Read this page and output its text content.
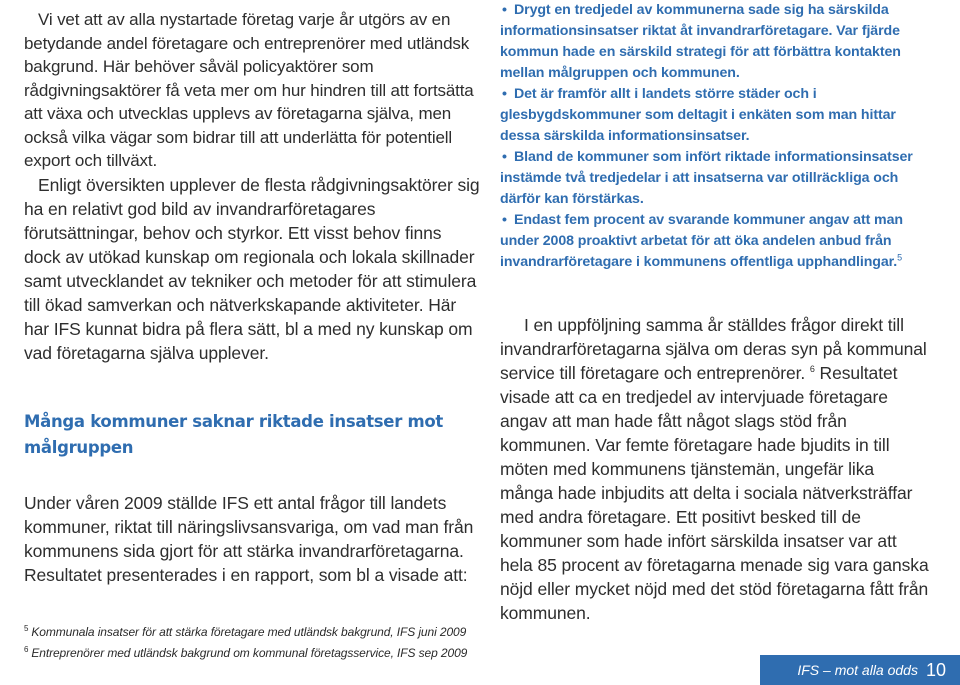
Vi vet att av alla nystartade företag varje år utgörs av en betydande andel företagare och entreprenörer med utländsk bakgrund. Här behöver såväl policyaktörer som rådgivningsaktörer få veta mer om hur hindren till att fortsätta att växa och utvecklas upplevs av företagarna själva, men också vilka vägar som bidrar till att underlätta för potentiell export och tillväxt.

Enligt översikten upplever de flesta rådgivningsaktörer sig ha en relativt god bild av invandrarföretagares förutsättningar, behov och styrkor. Ett visst behov finns dock av utökad kunskap om regionala och lokala skillnader samt utvecklandet av tekniker och metoder för att stimulera till ökad samverkan och nätverkskapande aktiviteter. Här har IFS kunnat bidra på flera sätt, bl a med ny kunskap om vad företagarna själva upplever.

Många kommuner saknar riktade insatser mot målgruppen

Under våren 2009 ställde IFS ett antal frågor till landets kommuner, riktat till näringslivsansvariga, om vad man från kommunens sida gjort för att stärka invandrarföretagarna. Resultatet presenterades i en rapport, som bl a visade att:

• Drygt en tredjedel av kommunerna sade sig ha särskilda informationsinsatser riktat åt invandrarföretagare. Var fjärde kommun hade en särskild strategi för att förbättra kontakten mellan målgruppen och kommunen.
• Det är framför allt i landets större städer och i glesbygdskommuner som deltagit i enkäten som man hittar dessa särskilda informationsinsatser.
• Bland de kommuner som infört riktade informationsinsatser instämde två tredjedelar i att insatserna var otillräckliga och därför kan förstärkas.
• Endast fem procent av svarande kommuner angav att man under 2008 proaktivt arbetat för att öka andelen anbud från invandrarföretagare i kommunens offentliga upphandlingar.$^5$

I en uppföljning samma år ställdes frågor direkt till invandrarföretagarna själva om deras syn på kommunal service till företagare och entreprenörer. $^6$ Resultatet visade att ca en tredjedel av intervjuade företagare angav att man hade fått något slags stöd från kommunen. Var femte företagare hade bjudits in till möten med kommunens tjänstemän, ungefär lika många hade inbjudits att delta i sociala nätverksträffar med andra företagare. Ett positivt besked till de kommuner som hade infört särskilda insatser var att hela 85 procent av företagarna menade sig vara ganska nöjd eller mycket nöjd med det stöd företagarna fått från kommunen.

$^5$ Kommunala insatser för att stärka företagare med utländsk bakgrund, IFS juni 2009
$^6$ Entreprenörer med utländsk bakgrund om kommunal företagsservice, IFS sep 2009
IFS – mot alla odds 10
